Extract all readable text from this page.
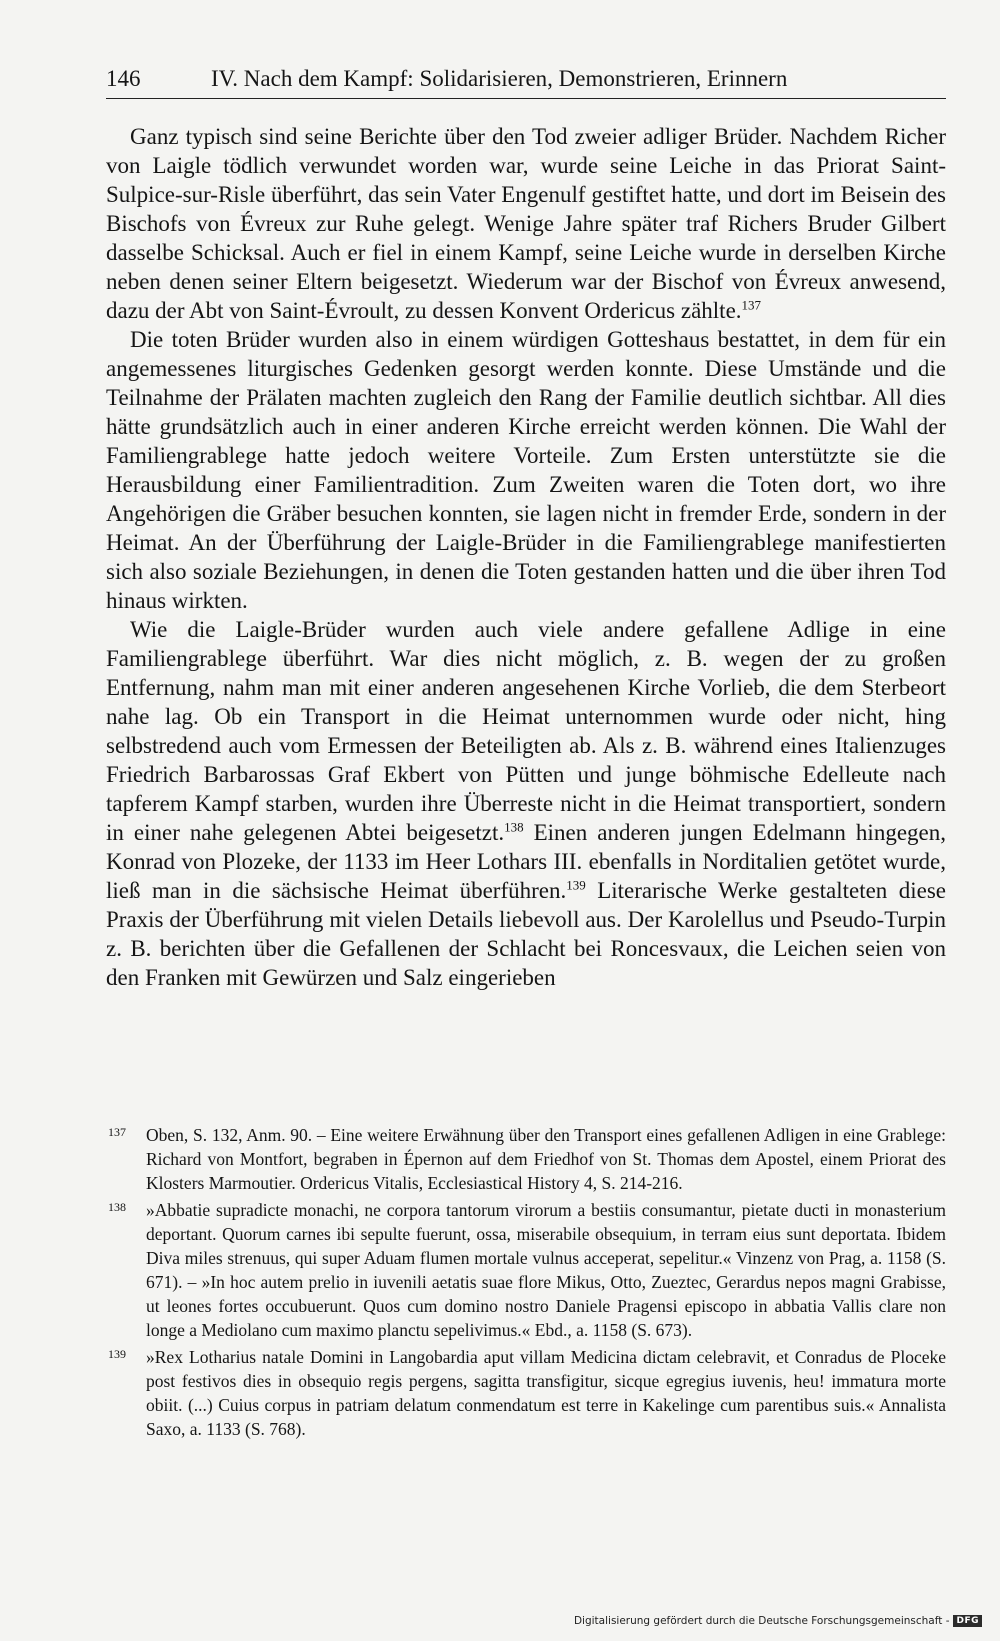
146	IV. Nach dem Kampf: Solidarisieren, Demonstrieren, Erinnern

Ganz typisch sind seine Berichte über den Tod zweier adliger Brüder. Nachdem Richer von Laigle tödlich verwundet worden war, wurde seine Leiche in das Priorat Saint-Sulpice-sur-Risle überführt, das sein Vater Engenulf gestiftet hatte, und dort im Beisein des Bischofs von Évreux zur Ruhe gelegt. Wenige Jahre später traf Richers Bruder Gilbert dasselbe Schicksal. Auch er fiel in einem Kampf, seine Leiche wurde in derselben Kirche neben denen seiner Eltern beigesetzt. Wiederum war der Bischof von Évreux anwesend, dazu der Abt von Saint-Évroult, zu dessen Konvent Ordericus zählte.$^{137}$

Die toten Brüder wurden also in einem würdigen Gotteshaus bestattet, in dem für ein angemessenes liturgisches Gedenken gesorgt werden konnte. Diese Umstände und die Teilnahme der Prälaten machten zugleich den Rang der Familie deutlich sichtbar. All dies hätte grundsätzlich auch in einer anderen Kirche erreicht werden können. Die Wahl der Familiengrablege hatte jedoch weitere Vorteile. Zum Ersten unterstützte sie die Herausbildung einer Familientradition. Zum Zweiten waren die Toten dort, wo ihre Angehörigen die Gräber besuchen konnten, sie lagen nicht in fremder Erde, sondern in der Heimat. An der Überführung der Laigle-Brüder in die Familiengrablege manifestierten sich also soziale Beziehungen, in denen die Toten gestanden hatten und die über ihren Tod hinaus wirkten.

Wie die Laigle-Brüder wurden auch viele andere gefallene Adlige in eine Familiengrablege überführt. War dies nicht möglich, z. B. wegen der zu großen Entfernung, nahm man mit einer anderen angesehenen Kirche Vorlieb, die dem Sterbeort nahe lag. Ob ein Transport in die Heimat unternommen wurde oder nicht, hing selbstredend auch vom Ermessen der Beteiligten ab. Als z. B. während eines Italienzuges Friedrich Barbarossas Graf Ekbert von Pütten und junge böhmische Edelleute nach tapferem Kampf starben, wurden ihre Überreste nicht in die Heimat transportiert, sondern in einer nahe gelegenen Abtei beigesetzt.$^{138}$ Einen anderen jungen Edelmann hingegen, Konrad von Plozeke, der 1133 im Heer Lothars III. ebenfalls in Norditalien getötet wurde, ließ man in die sächsische Heimat überführen.$^{139}$ Literarische Werke gestalteten diese Praxis der Überführung mit vielen Details liebevoll aus. Der Karolellus und Pseudo-Turpin z. B. berichten über die Gefallenen der Schlacht bei Roncesvaux, die Leichen seien von den Franken mit Gewürzen und Salz eingerieben

137 Oben, S. 132, Anm. 90. – Eine weitere Erwähnung über den Transport eines gefallenen Adligen in eine Grablege: Richard von Montfort, begraben in Épernon auf dem Friedhof von St. Thomas dem Apostel, einem Priorat des Klosters Marmoutier. Ordericus Vitalis, Ecclesiastical History 4, S. 214-216.
138 »Abbatie supradicte monachi, ne corpora tantorum virorum a bestiis consumantur, pietate ducti in monasterium deportant. Quorum carnes ibi sepulte fuerunt, ossa, miserabile obsequium, in terram eius sunt deportata. Ibidem Diva miles strenuus, qui super Aduam flumen mortale vulnus acceperat, sepelitur.« Vinzenz von Prag, a. 1158 (S. 671). – »In hoc autem prelio in iuvenili aetatis suae flore Mikus, Otto, Zueztec, Gerardus nepos magni Grabisse, ut leones fortes occubuerunt. Quos cum domino nostro Daniele Pragensi episcopo in abbatia Vallis clare non longe a Mediolano cum maximo planctu sepelivimus.« Ebd., a. 1158 (S. 673).
139 »Rex Lotharius natale Domini in Langobardia aput villam Medicina dictam celebravit, et Conradus de Ploceke post festivos dies in obsequio regis pergens, sagitta transfigitur, sicque egregius iuvenis, heu! immatura morte obiit. (...) Cuius corpus in patriam delatum conmendatum est terre in Kakelinge cum parentibus suis.« Annalista Saxo, a. 1133 (S. 768).
Digitalisierung gefördert durch die Deutsche Forschungsgemeinschaft - DFG
